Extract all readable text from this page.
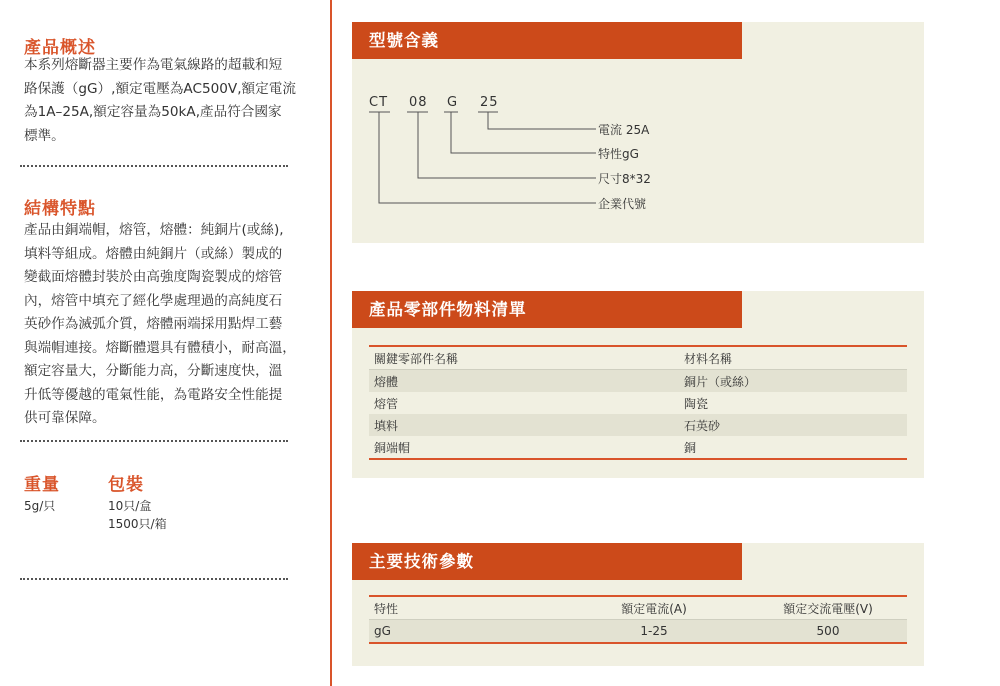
產品概述
本系列熔斷器主要作為電氣線路的超載和短
路保護（gG）,額定電壓為AC500V,額定電流
為1A–25A,額定容量為50kA,產品符合國家
標準。
結構特點
產品由銅端帽，熔管，熔體：純銅片(或絲),
填料等組成。熔體由純銅片（或絲）製成的
變截面熔體封裝於由高強度陶瓷製成的熔管
內，熔管中填充了經化學處理過的高純度石
英砂作為滅弧介質，熔體兩端採用點焊工藝
與端帽連接。熔斷體還具有體積小，耐高溫，
額定容量大，分斷能力高，分斷速度快，溫
升低等優越的電氣性能，為電路安全性能提
供可靠保障。
重量	包裝
5g/只	10只/盒
1500只/箱
型號含義
CT 08 G 25
電流 25A
特性gG
尺寸8*32
企業代號
產品零部件物料清單
關鍵零部件名稱	材料名稱
熔體	銅片（或絲）
熔管	陶瓷
填料	石英砂
銅端帽	銅
主要技術參數
特性	額定電流(A)	額定交流電壓(V)
gG	1-25	500
